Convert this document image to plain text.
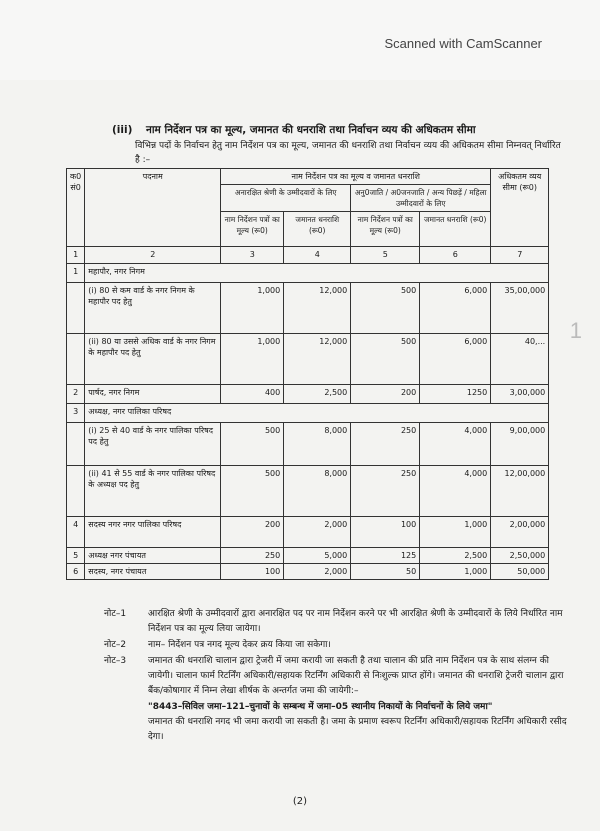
Scanned with CamScanner
1
(iii) नाम निर्देशन पत्र का मूल्य, जमानत की धनराशि तथा निर्वाचन व्यय की अधिकतम सीमा
विभिन्न पदों के निर्वाचन हेतु नाम निर्देशन पत्र का मूल्य, जमानत की धनराशि तथा निर्वाचन व्यय की अधिकतम सीमा निम्नवत् निर्धारित है :–
क0 सं0	पदनाम	नाम निर्देशन पत्र का मूल्य व जमानत धनराशि				अधिकतम व्यय सीमा (रू0)
		अनारक्षित श्रेणी के उम्मीदवारों के लिए		अनु0जाति / अ0जनजाति / अन्य पिछड़ें / महिला उम्मीदवारों के लिए		
		नाम निर्देशन पत्रों का मूल्य (रू0)	जमानत धनराशि (रू0)	नाम निर्देशन पत्रों का मूल्य (रू0)	जमानत धनराशि (रू0)	
1	2	3	4	5	6	7
1	महापौर, नगर निगम					
	(i) 80 से कम वार्ड के नगर निगम के महापौर पद हेतु	1,000	12,000	500	6,000	35,00,000
	(ii) 80 या उससे अधिक वार्ड के नगर निगम के महापौर पद हेतु	1,000	12,000	500	6,000	40,...
2	पार्षद, नगर निगम	400	2,500	200	1250	3,00,000
3	अध्यक्ष, नगर पालिका परिषद					
	(i) 25 से 40 वार्ड के नगर पालिका परिषद पद हेतु	500	8,000	250	4,000	9,00,000
	(ii) 41 से 55 वार्ड के नगर पालिका परिषद के अध्यक्ष पद हेतु	500	8,000	250	4,000	12,00,000
4	सदस्य नगर नगर पालिका परिषद	200	2,000	100	1,000	2,00,000
5	अध्यक्ष नगर पंचायत	250	5,000	125	2,500	2,50,000
6	सदस्य, नगर पंचायत	100	2,000	50	1,000	50,000
नोट–1	आरक्षित श्रेणी के उम्मीदवारों द्वारा अनारक्षित पद पर नाम निर्देशन करने पर भी आरक्षित श्रेणी के उम्मीदवारों के लिये निर्धारित नाम निर्देशन पत्र का मूल्य लिया जायेगा।
नोट–2	नाम– निर्देशन पत्र नगद मूल्य देकर क्रय किया जा सकेगा।
नोट–3	जमानत की धनराशि चालान द्वारा ट्रेजरी में जमा करायी जा सकती है तथा चालान की प्रति नाम निर्देशन पत्र के साथ संलग्न की जायेगी। चालान फार्म रिटर्निंग अधिकारी/सहायक रिटर्निंग अधिकारी से निःशुल्क प्राप्त होंगे। जमानत की धनराशि ट्रेजरी चालान द्वारा बैंक/कोषागार में निम्न लेखा शीर्षक के अन्तर्गत जमा की जायेगी:–
"8443–सिविल जमा–121–चुनावों के सम्बन्ध में जमा–05 स्थानीय निकायों के निर्वाचनों के लिये जमा"
जमानत की धनराशि नगद भी जमा करायी जा सकती है। जमा के प्रमाण स्वरूप रिटर्निंग अधिकारी/सहायक रिटर्निंग अधिकारी रसीद देगा।
(2)
